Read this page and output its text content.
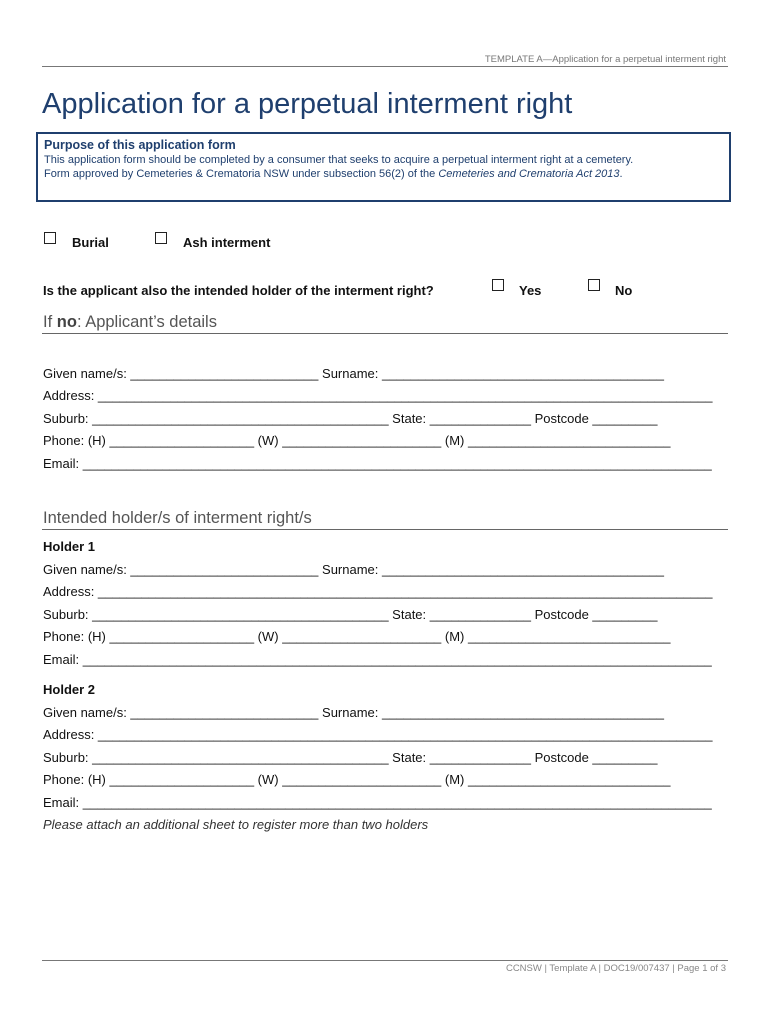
TEMPLATE A—Application for a perpetual interment right
Application for a perpetual interment right
Purpose of this application form

This application form should be completed by a consumer that seeks to acquire a perpetual interment right at a cemetery.

Form approved by Cemeteries & Crematoria NSW under subsection 56(2) of the Cemeteries and Crematoria Act 2013.

Burial	Ash interment
Is the applicant also the intended holder of the interment right?	Yes	No
If no: Applicant’s details
Given name/s: __________________________ Surname: _______________________________________
Address: _____________________________________________________________________________________
Suburb: _________________________________________ State: ______________ Postcode _________
Phone: (H) ____________________ (W) ______________________ (M) ____________________________
Email: _______________________________________________________________________________________
Intended holder/s of interment right/s
Holder 1
Given name/s: __________________________ Surname: _______________________________________
Address: _____________________________________________________________________________________
Suburb: _________________________________________ State: ______________ Postcode _________
Phone: (H) ____________________ (W) ______________________ (M) ____________________________
Email: _______________________________________________________________________________________
Holder 2
Given name/s: __________________________ Surname: _______________________________________
Address: _____________________________________________________________________________________
Suburb: _________________________________________ State: ______________ Postcode _________
Phone: (H) ____________________ (W) ______________________ (M) ____________________________
Email: _______________________________________________________________________________________
Please attach an additional sheet to register more than two holders
CCNSW | Template A | DOC19/007437 | Page 1 of 3
